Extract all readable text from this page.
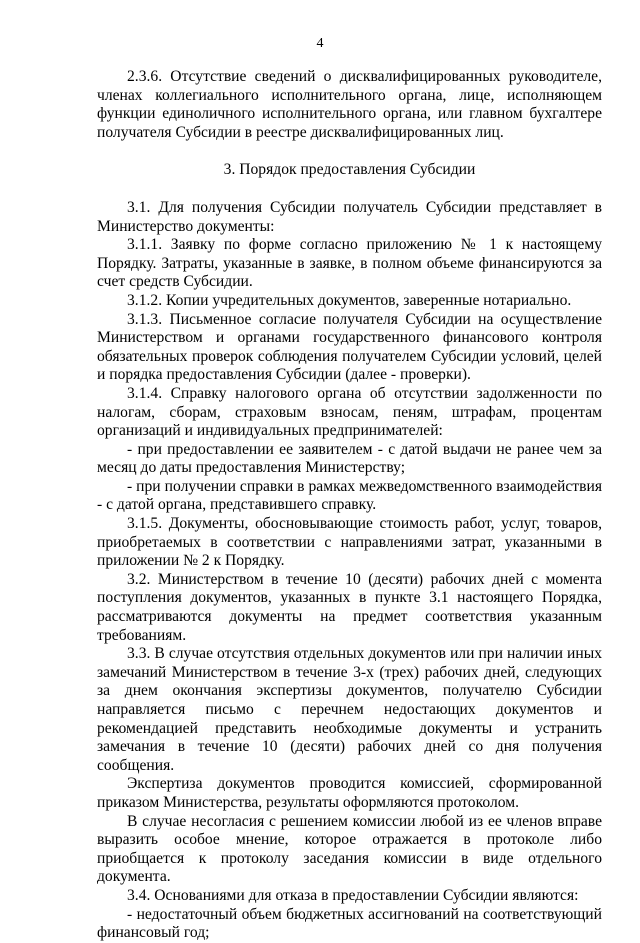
4

2.3.6. Отсутствие сведений о дисквалифицированных руководителе, членах коллегиального исполнительного органа, лице, исполняющем функции единоличного исполнительного органа, или главном бухгалтере получателя Субсидии в реестре дисквалифицированных лиц.

3. Порядок предоставления Субсидии

3.1. Для получения Субсидии получатель Субсидии представляет в Министерство документы:

3.1.1. Заявку по форме согласно приложению № 1 к настоящему Порядку. Затраты, указанные в заявке, в полном объеме финансируются за счет средств Субсидии.

3.1.2. Копии учредительных документов, заверенные нотариально.

3.1.3. Письменное согласие получателя Субсидии на осуществление Министерством и органами государственного финансового контроля обязательных проверок соблюдения получателем Субсидии условий, целей и порядка предоставления Субсидии (далее - проверки).

3.1.4. Справку налогового органа об отсутствии задолженности по налогам, сборам, страховым взносам, пеням, штрафам, процентам организаций и индивидуальных предпринимателей:

- при предоставлении ее заявителем - с датой выдачи не ранее чем за месяц до даты предоставления Министерству;

- при получении справки в рамках межведомственного взаимодействия - с датой органа, представившего справку.

3.1.5. Документы, обосновывающие стоимость работ, услуг, товаров, приобретаемых в соответствии с направлениями затрат, указанными в приложении № 2 к Порядку.

3.2. Министерством в течение 10 (десяти) рабочих дней с момента поступления документов, указанных в пункте 3.1 настоящего Порядка, рассматриваются документы на предмет соответствия указанным требованиям.

3.3. В случае отсутствия отдельных документов или при наличии иных замечаний Министерством в течение 3-х (трех) рабочих дней, следующих за днем окончания экспертизы документов, получателю Субсидии направляется письмо с перечнем недостающих документов и рекомендацией представить необходимые документы и устранить замечания в течение 10 (десяти) рабочих дней со дня получения сообщения.

Экспертиза документов проводится комиссией, сформированной приказом Министерства, результаты оформляются протоколом.

В случае несогласия с решением комиссии любой из ее членов вправе выразить особое мнение, которое отражается в протоколе либо приобщается к протоколу заседания комиссии в виде отдельного документа.

3.4. Основаниями для отказа в предоставлении Субсидии являются:

- недостаточный объем бюджетных ассигнований на соответствующий финансовый год;
